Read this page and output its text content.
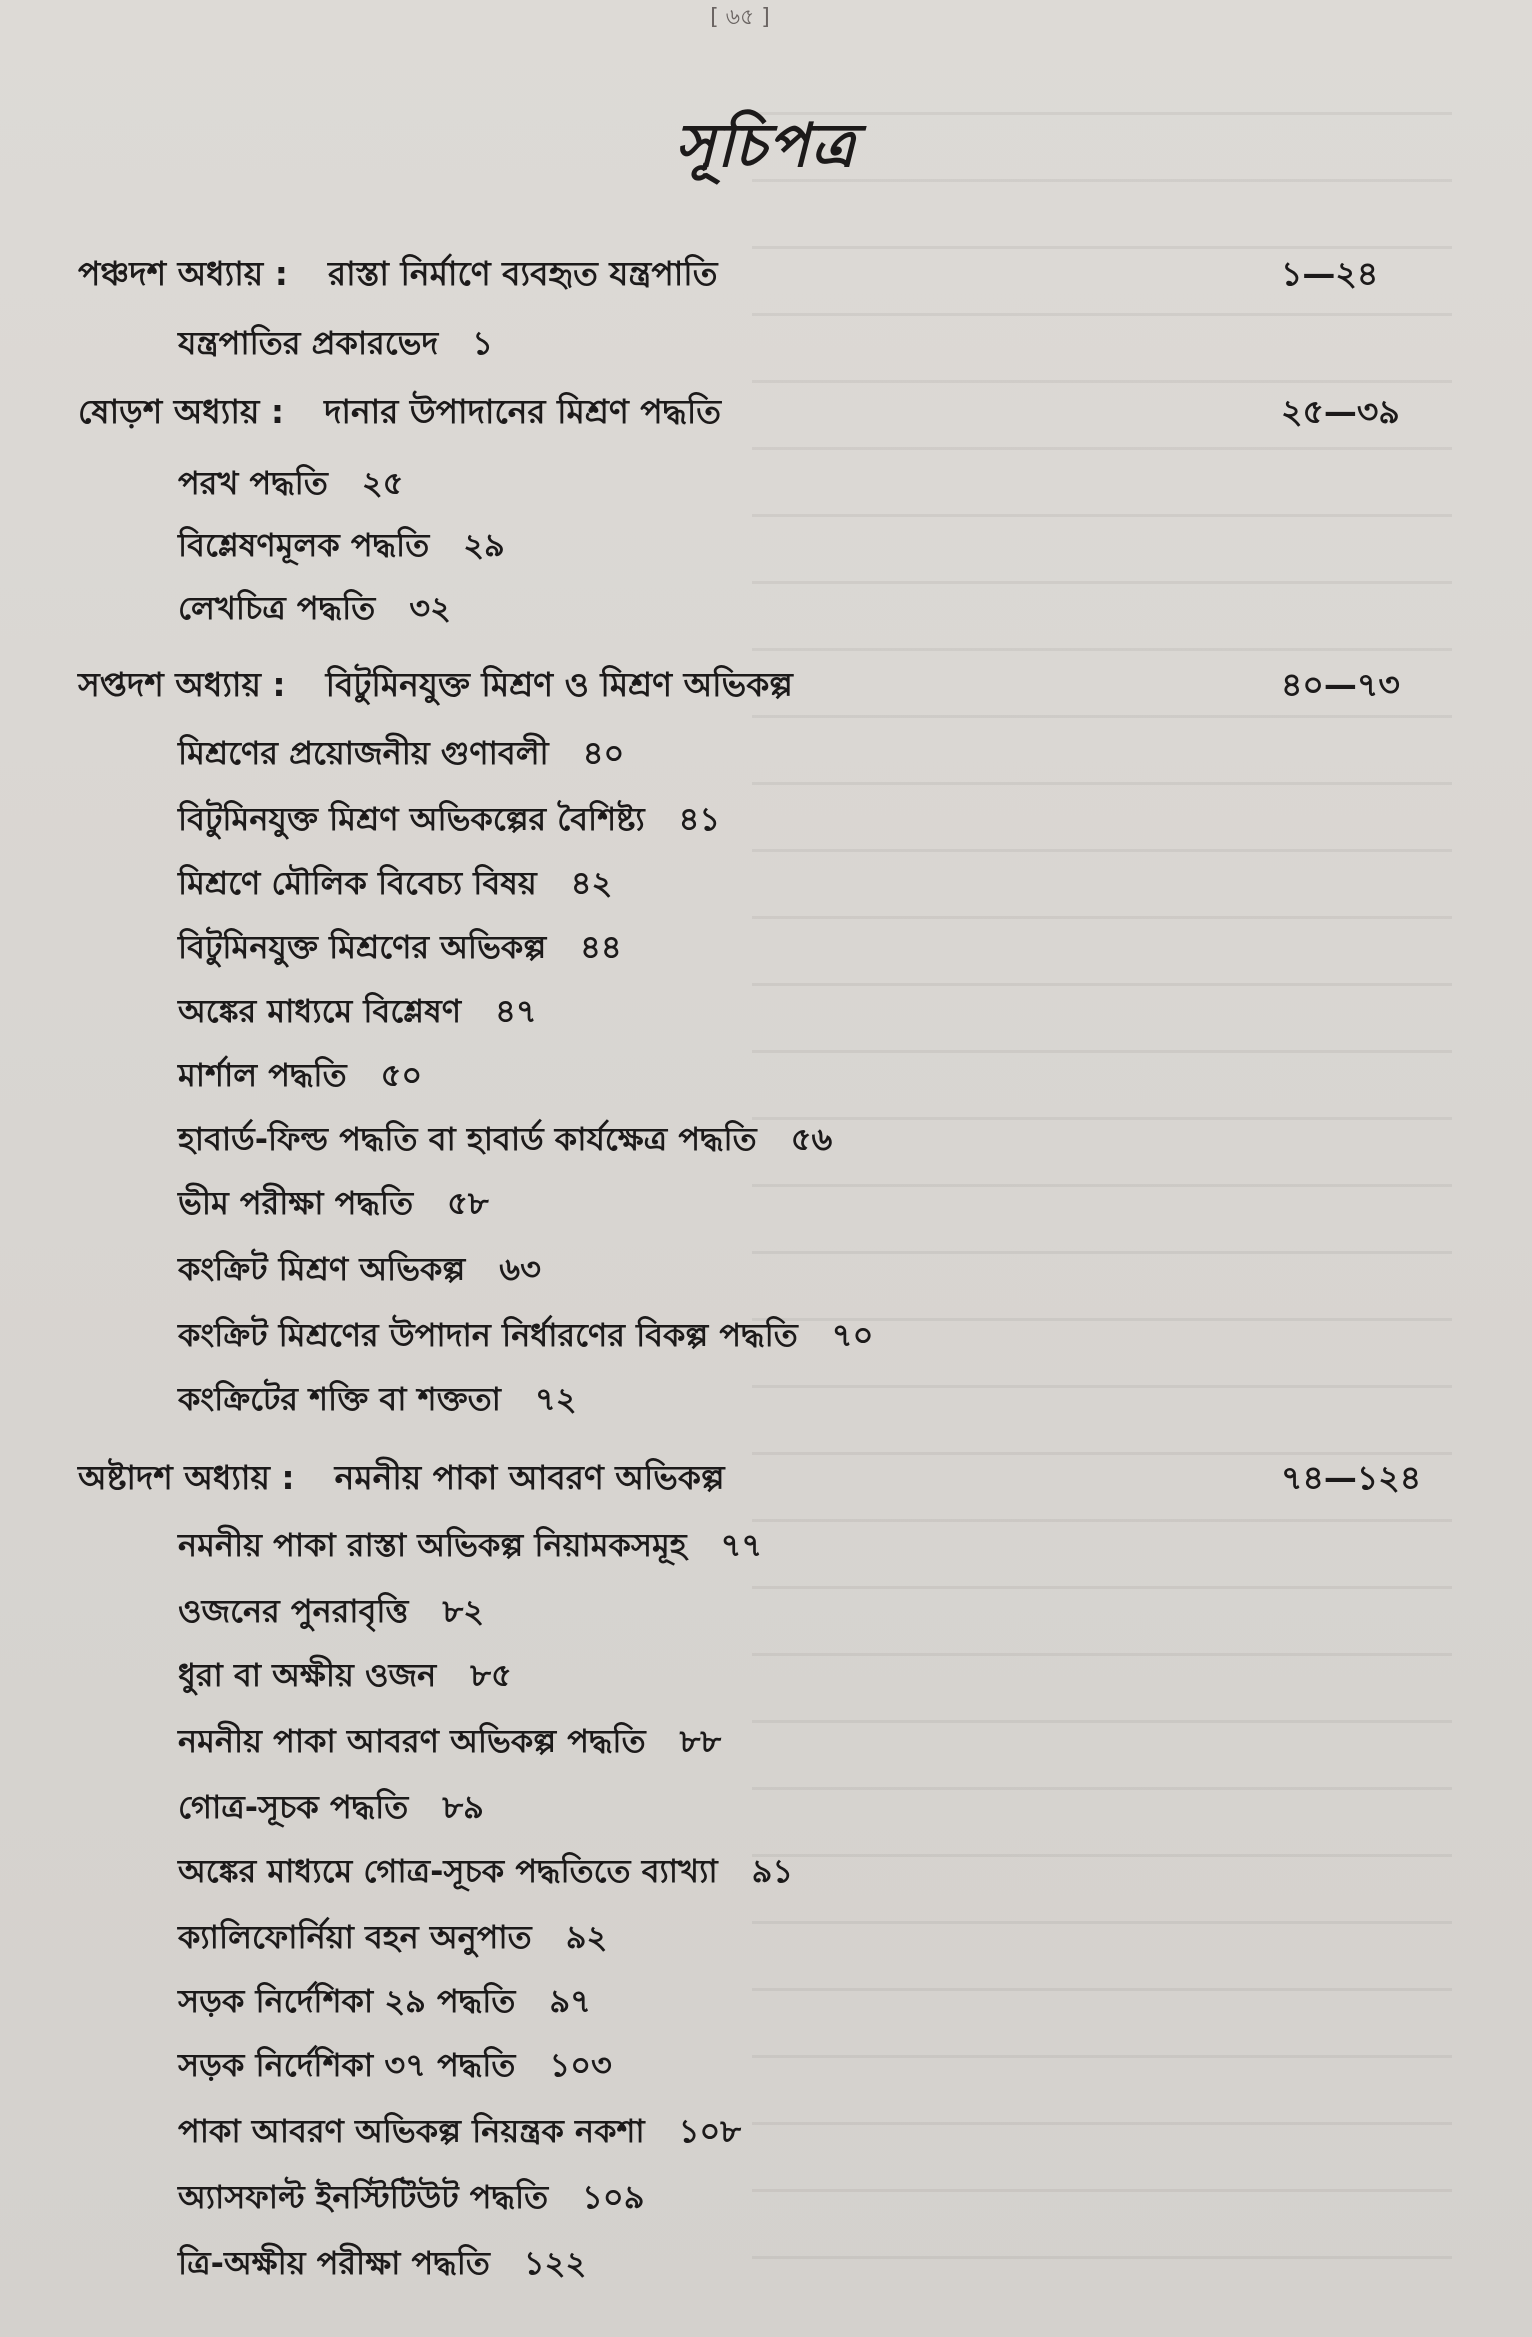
[ ৬৫ ]
সূচিপত্র
পঞ্চদশ অধ্যায় : রাস্তা নির্মাণে ব্যবহৃত যন্ত্রপাতি	১—২৪
যন্ত্রপাতির প্রকারভেদ ১
ষোড়শ অধ্যায় : দানার উপাদানের মিশ্রণ পদ্ধতি	২৫—৩৯
পরখ পদ্ধতি ২৫
বিশ্লেষণমূলক পদ্ধতি ২৯
লেখচিত্র পদ্ধতি ৩২
সপ্তদশ অধ্যায় : বিটুমিনযুক্ত মিশ্রণ ও মিশ্রণ অভিকল্প	৪০—৭৩
মিশ্রণের প্রয়োজনীয় গুণাবলী ৪০
বিটুমিনযুক্ত মিশ্রণ অভিকল্পের বৈশিষ্ট্য ৪১
মিশ্রণে মৌলিক বিবেচ্য বিষয় ৪২
বিটুমিনযুক্ত মিশ্রণের অভিকল্প ৪৪
অঙ্কের মাধ্যমে বিশ্লেষণ ৪৭
মার্শাল পদ্ধতি ৫০
হাবার্ড-ফিল্ড পদ্ধতি বা হাবার্ড কার্যক্ষেত্র পদ্ধতি ৫৬
ভীম পরীক্ষা পদ্ধতি ৫৮
কংক্রিট মিশ্রণ অভিকল্প ৬৩
কংক্রিট মিশ্রণের উপাদান নির্ধারণের বিকল্প পদ্ধতি ৭০
কংক্রিটের শক্তি বা শক্ততা ৭২
অষ্টাদশ অধ্যায় : নমনীয় পাকা আবরণ অভিকল্প	৭৪—১২৪
নমনীয় পাকা রাস্তা অভিকল্প নিয়ামকসমূহ ৭৭
ওজনের পুনরাবৃত্তি ৮২
ধুরা বা অক্ষীয় ওজন ৮৫
নমনীয় পাকা আবরণ অভিকল্প পদ্ধতি ৮৮
গোত্র-সূচক পদ্ধতি ৮৯
অঙ্কের মাধ্যমে গোত্র-সূচক পদ্ধতিতে ব্যাখ্যা ৯১
ক্যালিফোর্নিয়া বহন অনুপাত ৯২
সড়ক নির্দেশিকা ২৯ পদ্ধতি ৯৭
সড়ক নির্দেশিকা ৩৭ পদ্ধতি ১০৩
পাকা আবরণ অভিকল্প নিয়ন্ত্রক নকশা ১০৮
অ্যাসফাল্ট ইনস্টিটিউট পদ্ধতি ১০৯
ত্রি-অক্ষীয় পরীক্ষা পদ্ধতি ১২২
